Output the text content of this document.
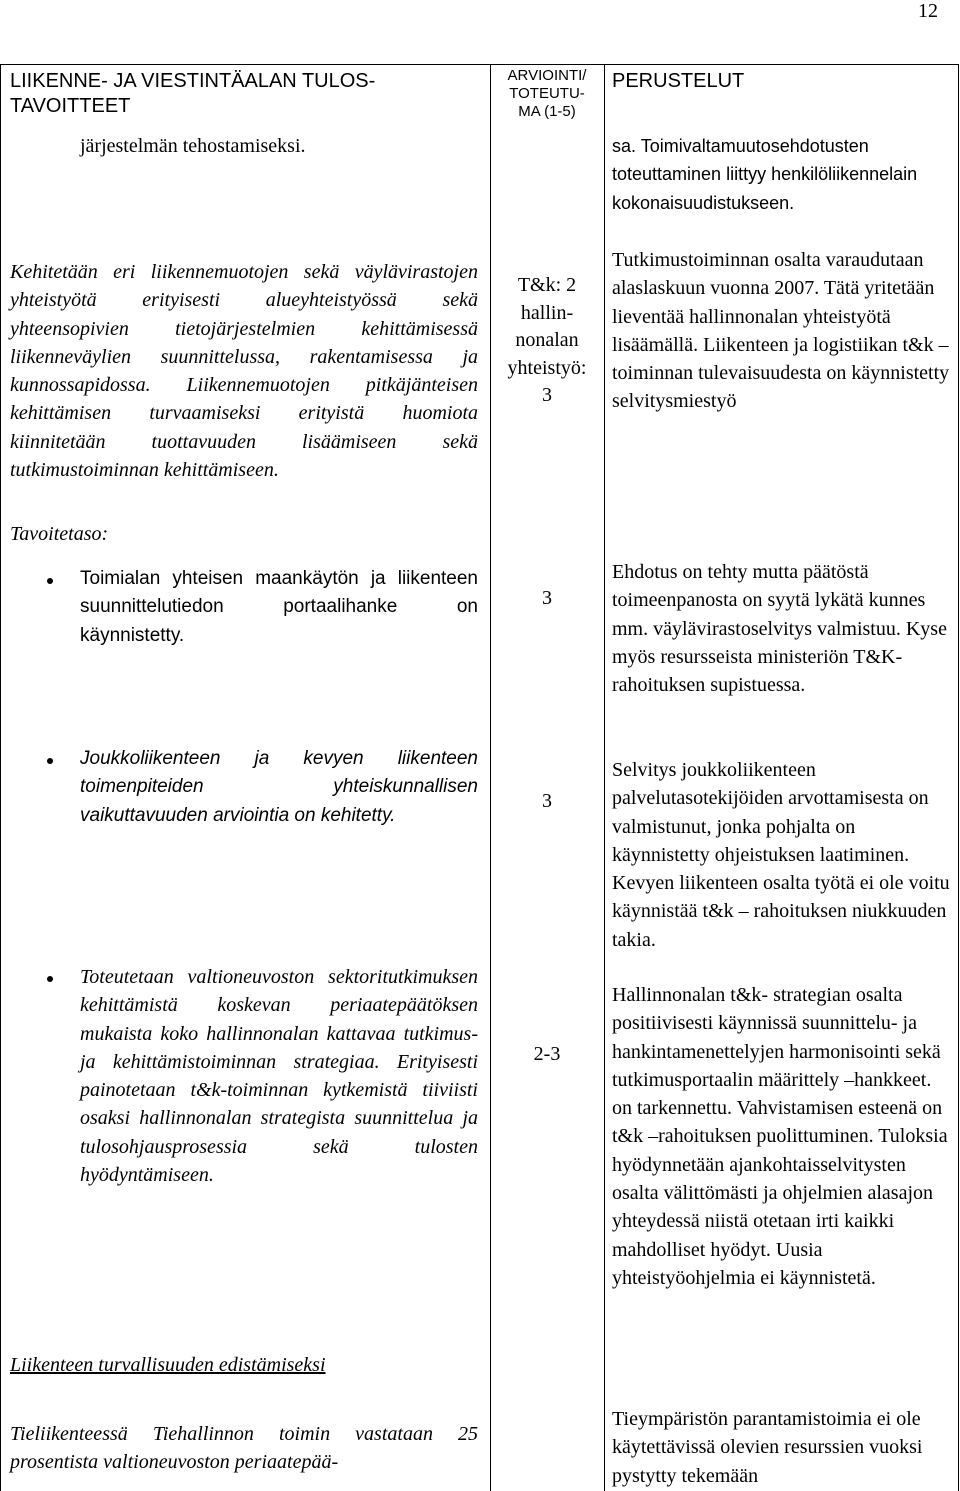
12
LIIKENNE- JA VIESTINTÄALAN TULOS-TAVOITTEET
ARVIOINTI/
TOTEUTU-
MA (1-5)
PERUSTELUT
järjestelmän tehostamiseksi.	sa. Toimivaltamuutosehdotusten toteuttaminen liittyy henkilöliikennelain kokonaisuudistukseen.
Kehitetään eri liikennemuotojen sekä väylävirastojen yhteistyötä erityisesti alueyhteistyössä sekä yhteensopivien tietojärjestelmien kehittämisessä liikenneväylien suunnittelussa, rakentamisessa ja kunnossapidossa. Liikennemuotojen pitkäjänteisen kehittämisen turvaamiseksi erityistä huomiota kiinnitetään tuottavuuden lisäämiseen sekä tutkimustoiminnan kehittämiseen.
T&k: 2
hallin-
nonalan
yhteistyö:
3
Tutkimustoiminnan osalta varaudutaan alaslaskuun vuonna 2007. Tätä yritetään lieventää hallinnonalan yhteistyötä lisäämällä. Liikenteen ja logistiikan t&k – toiminnan tulevaisuudesta on käynnistetty selvitysmiestyö
Tavoitetaso:
Toimialan yhteisen maankäytön ja liikenteen suunnittelutiedon portaalihanke on käynnistetty.
3
Ehdotus on tehty mutta päätöstä toimeenpanosta on syytä lykätä kunnes mm. väylävirastoselvitys valmistuu. Kyse myös resursseista ministeriön T&K-rahoituksen supistuessa.
Joukkoliikenteen ja kevyen liikenteen toimenpiteiden yhteiskunnallisen vaikuttavuuden arviointia on kehitetty.
3
Selvitys joukkoliikenteen palvelutasotekijöiden arvottamisesta on valmistunut, jonka pohjalta on käynnistetty ohjeistuksen laatiminen. Kevyen liikenteen osalta työtä ei ole voitu käynnistää t&k – rahoituksen niukkuuden takia.
Toteutetaan valtioneuvoston sektoritutkimuksen kehittämistä koskevan periaatepäätöksen mukaista koko hallinnonalan kattavaa tutkimus- ja kehittämistoiminnan strategiaa. Erityisesti painotetaan t&k-toiminnan kytkemistä tiiviisti osaksi hallinnonalan strategista suunnittelua ja tulosohjausprosessia sekä tulosten hyödyntämiseen.
2-3
Hallinnonalan t&k- strategian osalta positiivisesti käynnissä suunnittelu- ja hankintamenettelyjen harmonisointi sekä tutkimusportaalin määrittely –hankkeet. on tarkennettu. Vahvistamisen esteenä on t&k –rahoituksen puolittuminen. Tuloksia hyödynnetään ajankohtaisselvitysten osalta välittömästi ja ohjelmien alasajon yhteydessä niistä otetaan irti kaikki mahdolliset hyödyt. Uusia yhteistyöohjelmia ei käynnistetä.
Liikenteen turvallisuuden edistämiseksi
Tieliikenteessä Tiehallinnon toimin vastataan 25 prosentista valtioneuvoston periaatepää-
Tieympäristön parantamistoimia ei ole käytettävissä olevien resurssien vuoksi pystytty tekemään
